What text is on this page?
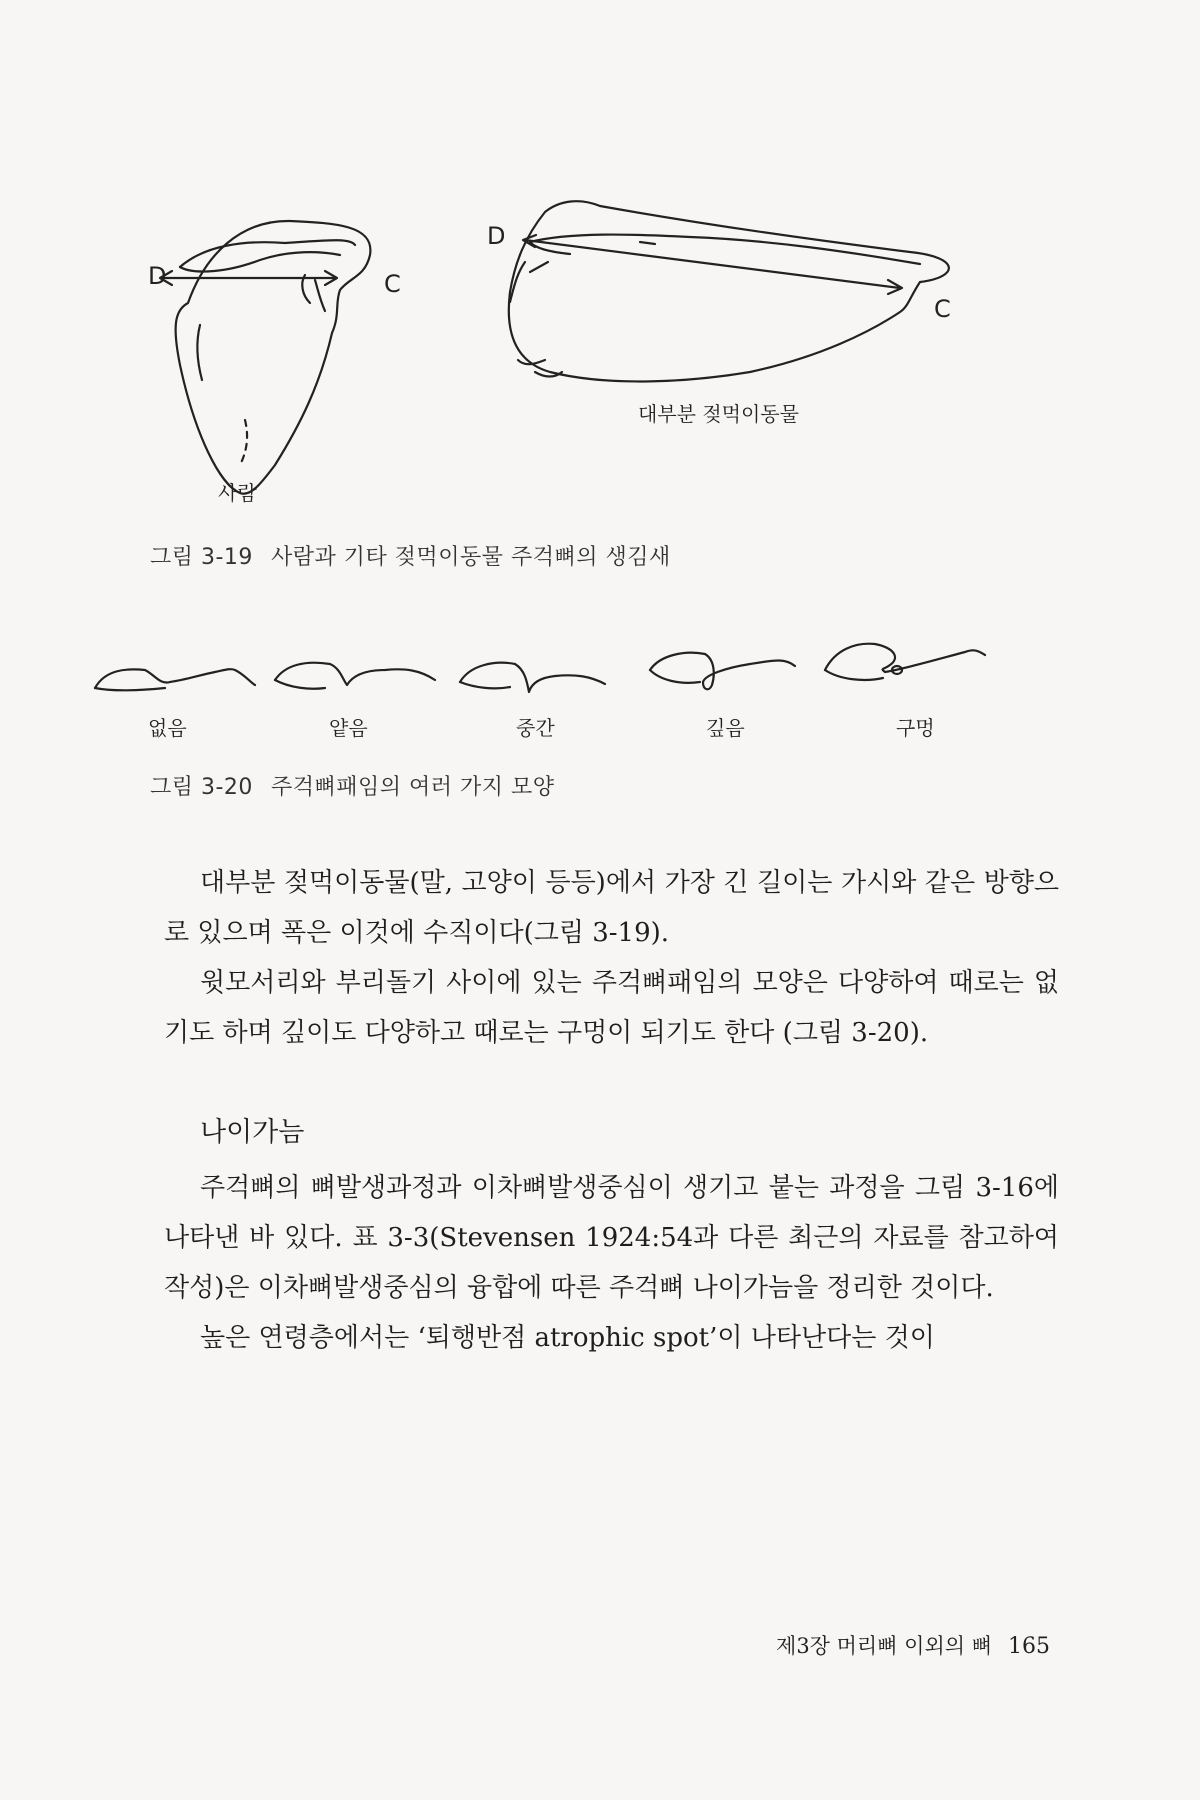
D	C
사람
D
C
대부분 젖먹이동물
그림 3-19 사람과 기타 젖먹이동물 주걱뼈의 생김새
없음	얕음	중간	깊음	구멍
그림 3-20 주걱뼈패임의 여러 가지 모양

대부분 젖먹이동물(말, 고양이 등등)에서 가장 긴 길이는 가시와 같은 방향으로 있으며 폭은 이것에 수직이다(그림 3-19).

윗모서리와 부리돌기 사이에 있는 주걱뼈패임의 모양은 다양하여 때로는 없기도 하며 깊이도 다양하고 때로는 구멍이 되기도 한다 (그림 3-20).

나이가늠

주걱뼈의 뼈발생과정과 이차뼈발생중심이 생기고 붙는 과정을 그림 3-16에 나타낸 바 있다. 표 3-3(Stevensen 1924:54과 다른 최근의 자료를 참고하여 작성)은 이차뼈발생중심의 융합에 따른 주걱뼈 나이가늠을 정리한 것이다.

높은 연령층에서는 ‘퇴행반점 atrophic spot’이 나타난다는 것이

제3장 머리뼈 이외의 뼈 165
